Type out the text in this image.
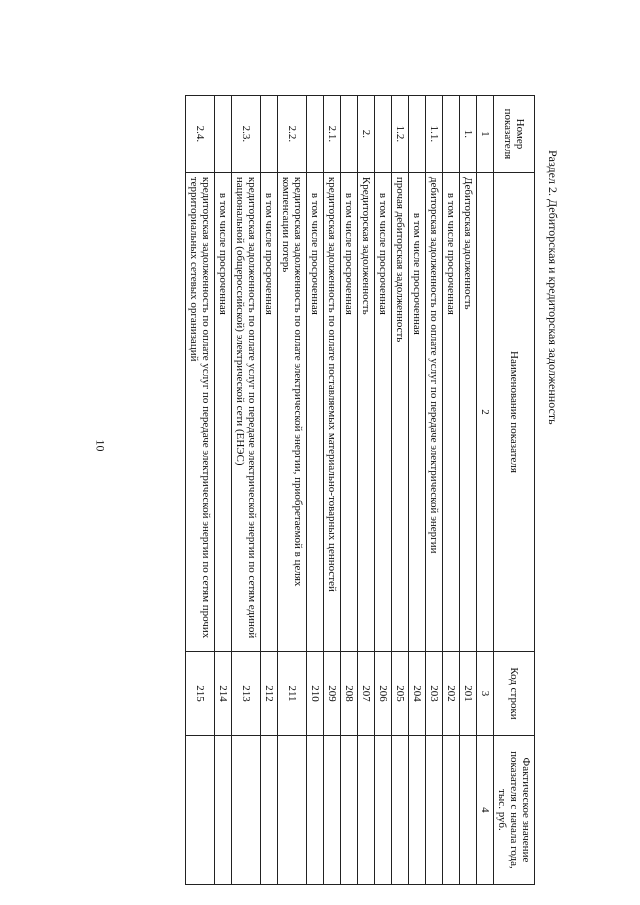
10
Раздел 2. Дебиторская и кредиторская задолженность
Номер показателя	Наименование показателя	Код строки	Фактическое значение показателя с начала года, тыс. руб.
1	2	3	4
1.	Дебиторская задолженность	201	
	в том числе просроченная	202	
1.1.	дебиторская задолженность по оплате услуг по передаче электрической энергии	203	
	в том числе просроченная	204	
1.2.	прочая дебиторская задолженность	205	
	в том числе просроченная	206	
2.	Кредиторская задолженность	207	
	в том числе просроченная	208	
2.1.	кредиторская задолженность по оплате поставляемых материально-товарных ценностей	209	
	в том числе просроченная	210	
2.2.	кредиторская задолженность по оплате электрической энергии, приобретаемой в целях компенсации потерь	211	
	в том числе просроченная	212	
2.3.	кредиторская задолженность по оплате услуг по передаче электрической энергии по сетям единой национальной (общероссийской) электрической сети (ЕНЭС)	213	
	в том числе просроченная	214	
2.4.	кредиторская задолженность по оплате услуг по передаче электрической энергии по сетям прочих территориальных сетевых организаций	215	
